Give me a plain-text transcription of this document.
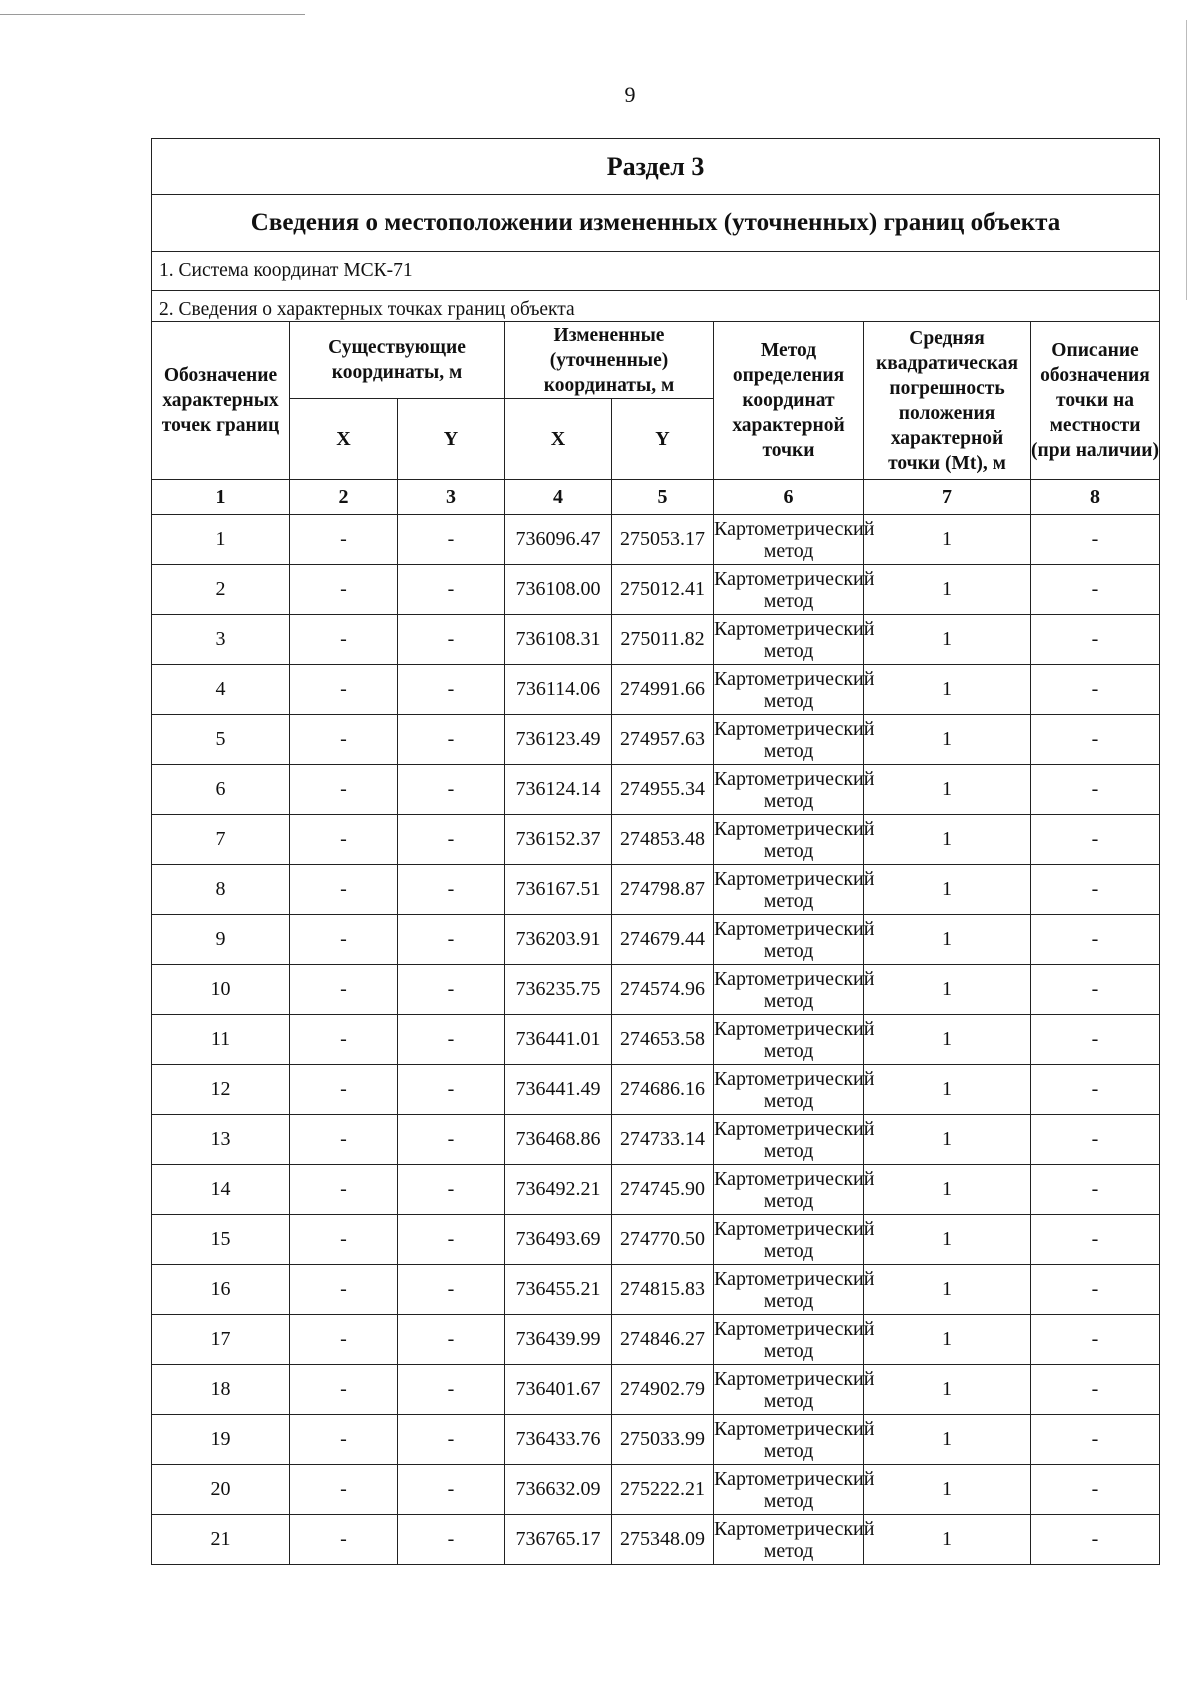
9
Раздел 3							
Сведения о местоположении измененных (уточненных) границ объекта							
1. Система координат МСК-71							
2. Сведения о характерных точках границ объекта							
Обозначение характерных точек границ	Существующие координаты, м		Измененные (уточненные) координаты, м		Метод определения координат характерной точки	Средняя квадратическая погрешность положения характерной точки (Mt), м	Описание обозначения точки на местности (при наличии)
	X	Y	X	Y			
1	2	3	4	5	6	7	8
1	-	-	736096.47	275053.17	Картометрический метод	1	-
2	-	-	736108.00	275012.41	Картометрический метод	1	-
3	-	-	736108.31	275011.82	Картометрический метод	1	-
4	-	-	736114.06	274991.66	Картометрический метод	1	-
5	-	-	736123.49	274957.63	Картометрический метод	1	-
6	-	-	736124.14	274955.34	Картометрический метод	1	-
7	-	-	736152.37	274853.48	Картометрический метод	1	-
8	-	-	736167.51	274798.87	Картометрический метод	1	-
9	-	-	736203.91	274679.44	Картометрический метод	1	-
10	-	-	736235.75	274574.96	Картометрический метод	1	-
11	-	-	736441.01	274653.58	Картометрический метод	1	-
12	-	-	736441.49	274686.16	Картометрический метод	1	-
13	-	-	736468.86	274733.14	Картометрический метод	1	-
14	-	-	736492.21	274745.90	Картометрический метод	1	-
15	-	-	736493.69	274770.50	Картометрический метод	1	-
16	-	-	736455.21	274815.83	Картометрический метод	1	-
17	-	-	736439.99	274846.27	Картометрический метод	1	-
18	-	-	736401.67	274902.79	Картометрический метод	1	-
19	-	-	736433.76	275033.99	Картометрический метод	1	-
20	-	-	736632.09	275222.21	Картометрический метод	1	-
21	-	-	736765.17	275348.09	Картометрический метод	1	-
